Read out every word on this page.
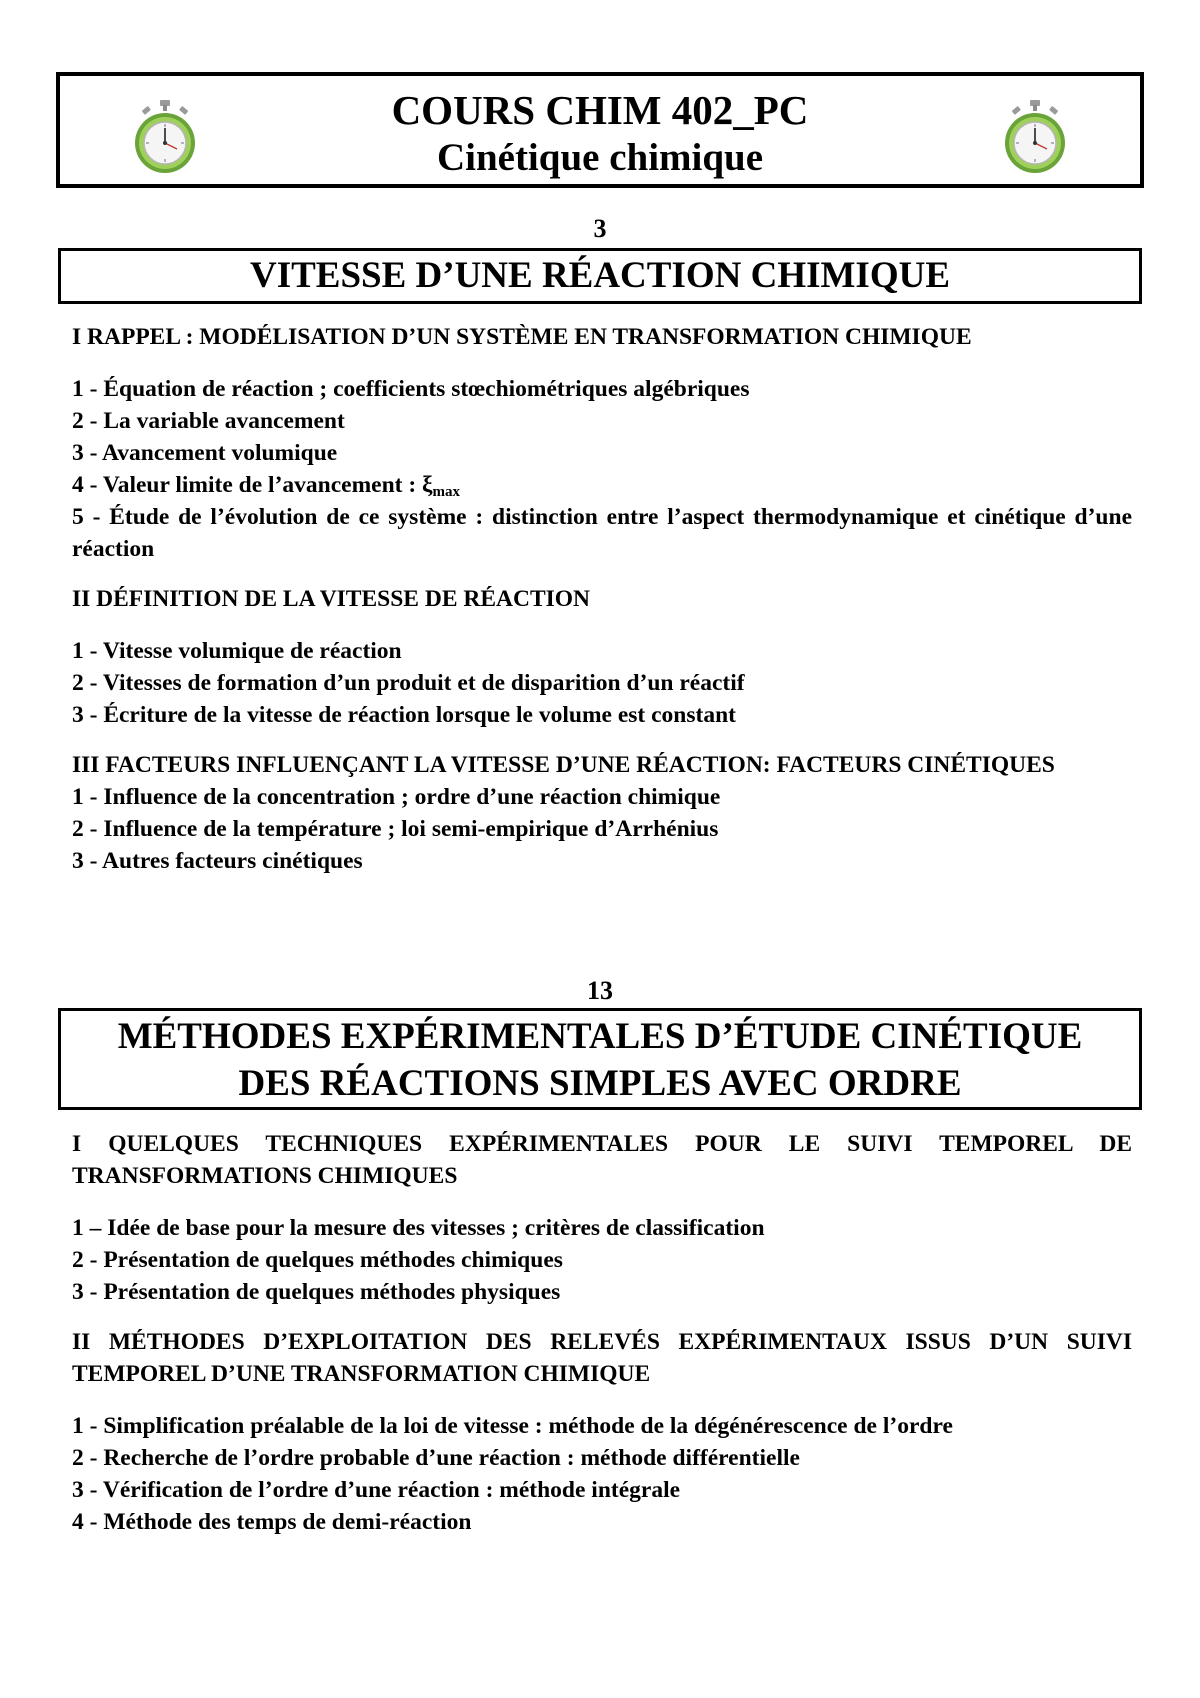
COURS CHIM 402_PC
Cinétique chimique
3
VITESSE D’UNE RÉACTION CHIMIQUE
I RAPPEL : MODÉLISATION D’UN SYSTÈME EN TRANSFORMATION CHIMIQUE
1 - Équation de réaction ; coefficients stœchiométriques algébriques
2 - La variable avancement
3 - Avancement volumique
4 - Valeur limite de l’avancement : $\xi_{max}$
5 - Étude de l’évolution de ce système : distinction entre l’aspect thermodynamique et cinétique d’une réaction
II DÉFINITION DE LA VITESSE DE RÉACTION
1 - Vitesse volumique de réaction
2 - Vitesses de formation d’un produit et de disparition d’un réactif
3 - Écriture de la vitesse de réaction lorsque le volume est constant
III FACTEURS INFLUENÇANT LA VITESSE D’UNE RÉACTION: FACTEURS CINÉTIQUES
1 - Influence de la concentration ; ordre d’une réaction chimique
2 - Influence de la température ; loi semi-empirique d’Arrhénius
3 - Autres facteurs cinétiques
13
MÉTHODES EXPÉRIMENTALES D’ÉTUDE CINÉTIQUE
DES RÉACTIONS SIMPLES AVEC ORDRE
I QUELQUES TECHNIQUES EXPÉRIMENTALES POUR LE SUIVI TEMPOREL DE TRANSFORMATIONS CHIMIQUES
1 – Idée de base pour la mesure des vitesses ; critères de classification
2 - Présentation de quelques méthodes chimiques
3 - Présentation de quelques méthodes physiques
II MÉTHODES D’EXPLOITATION DES RELEVÉS EXPÉRIMENTAUX ISSUS D’UN SUIVI TEMPOREL D’UNE TRANSFORMATION CHIMIQUE
1 - Simplification préalable de la loi de vitesse : méthode de la dégénérescence de l’ordre
2 - Recherche de l’ordre probable d’une réaction : méthode différentielle
3 - Vérification de l’ordre d’une réaction : méthode intégrale
4 - Méthode des temps de demi-réaction
